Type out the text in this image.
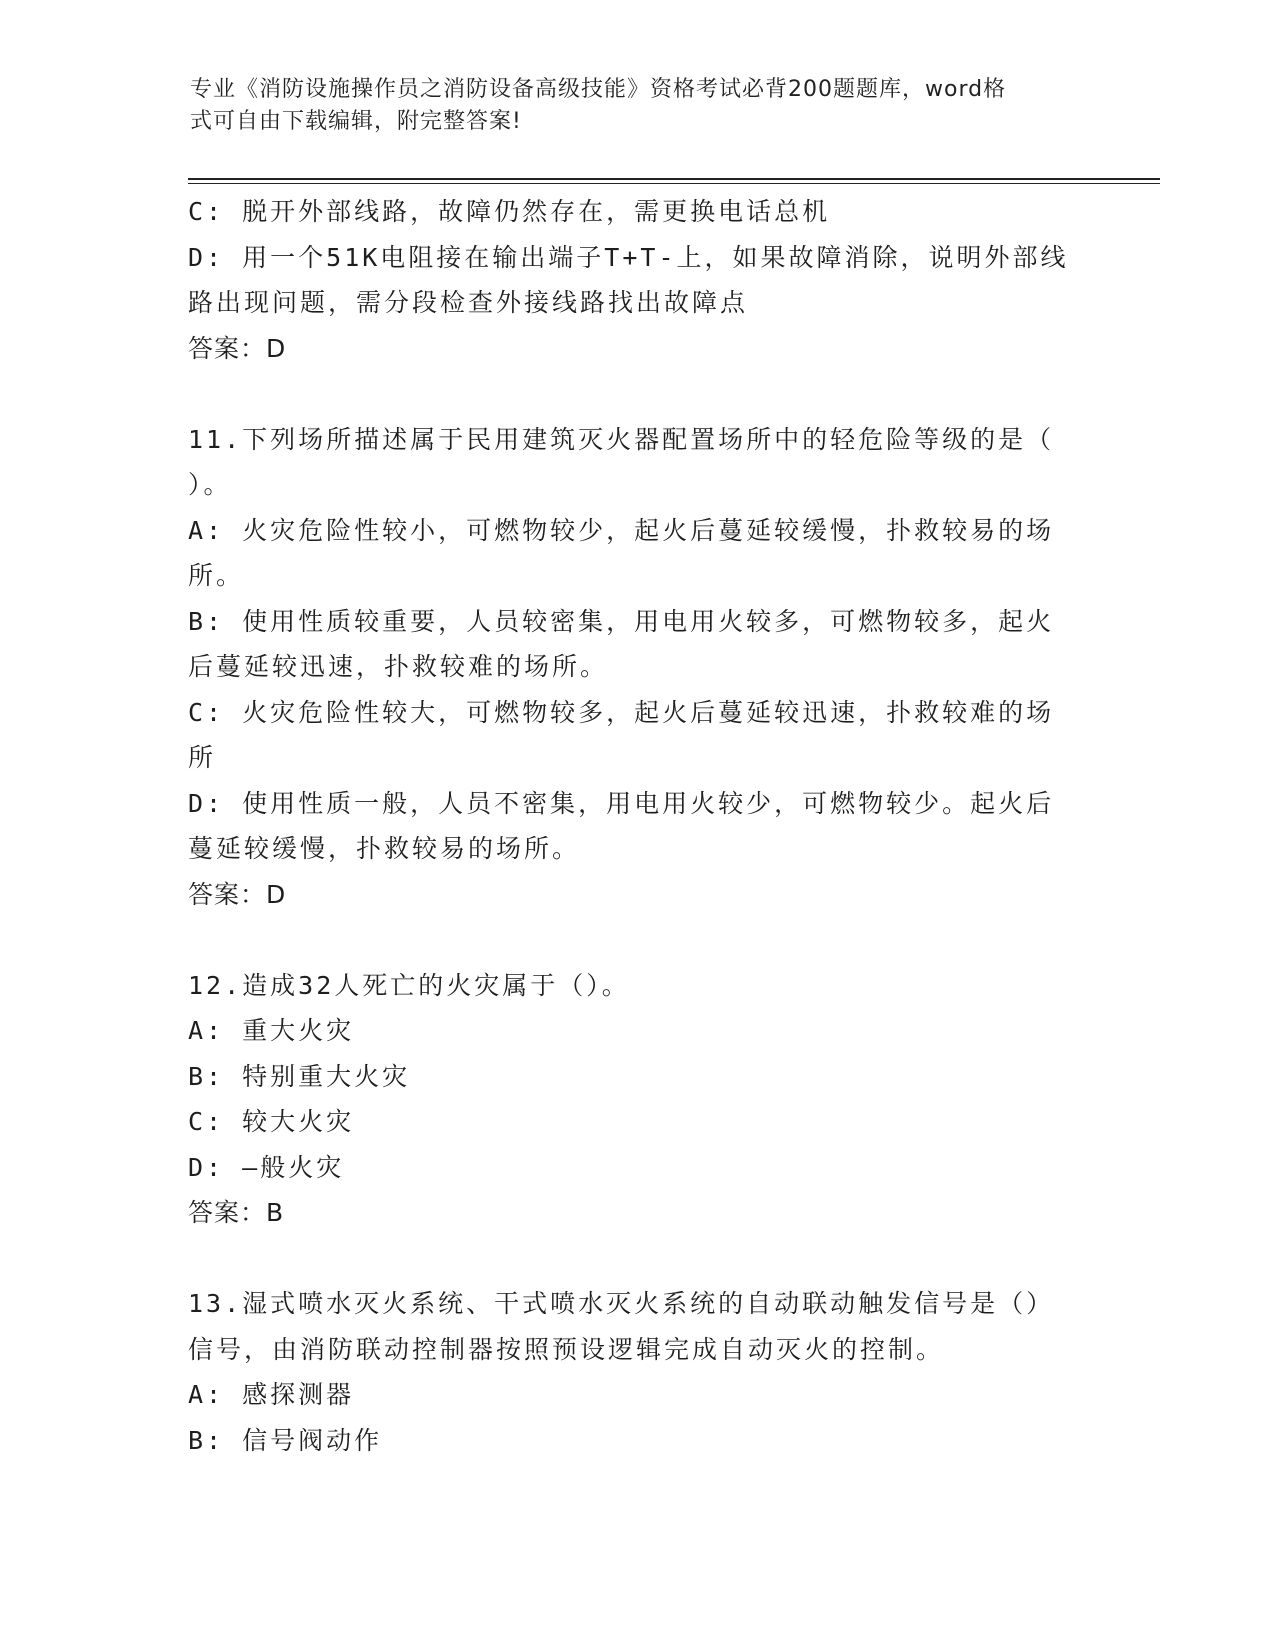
专业《消防设施操作员之消防设备高级技能》资格考试必背200题题库，word格
式可自由下载编辑，附完整答案!

C: 脱开外部线路，故障仍然存在，需更换电话总机

D: 用一个51K电阻接在输出端子T+T-上，如果故障消除，说明外部线

路出现问题，需分段检查外接线路找出故障点

答案：D

11.下列场所描述属于民用建筑灭火器配置场所中的轻危险等级的是（

）。

A: 火灾危险性较小，可燃物较少，起火后蔓延较缓慢，扑救较易的场

所。

B: 使用性质较重要，人员较密集，用电用火较多，可燃物较多，起火

后蔓延较迅速，扑救较难的场所。

C: 火灾危险性较大，可燃物较多，起火后蔓延较迅速，扑救较难的场

所

D: 使用性质一般，人员不密集，用电用火较少，可燃物较少。起火后

蔓延较缓慢，扑救较易的场所。

答案：D

12.造成32人死亡的火灾属于（）。

A: 重大火灾

B: 特别重大火灾

C: 较大火灾

D: —般火灾

答案：B

13.湿式喷水灭火系统、干式喷水灭火系统的自动联动触发信号是（）

信号，由消防联动控制器按照预设逻辑完成自动灭火的控制。

A: 感探测器

B: 信号阀动作
